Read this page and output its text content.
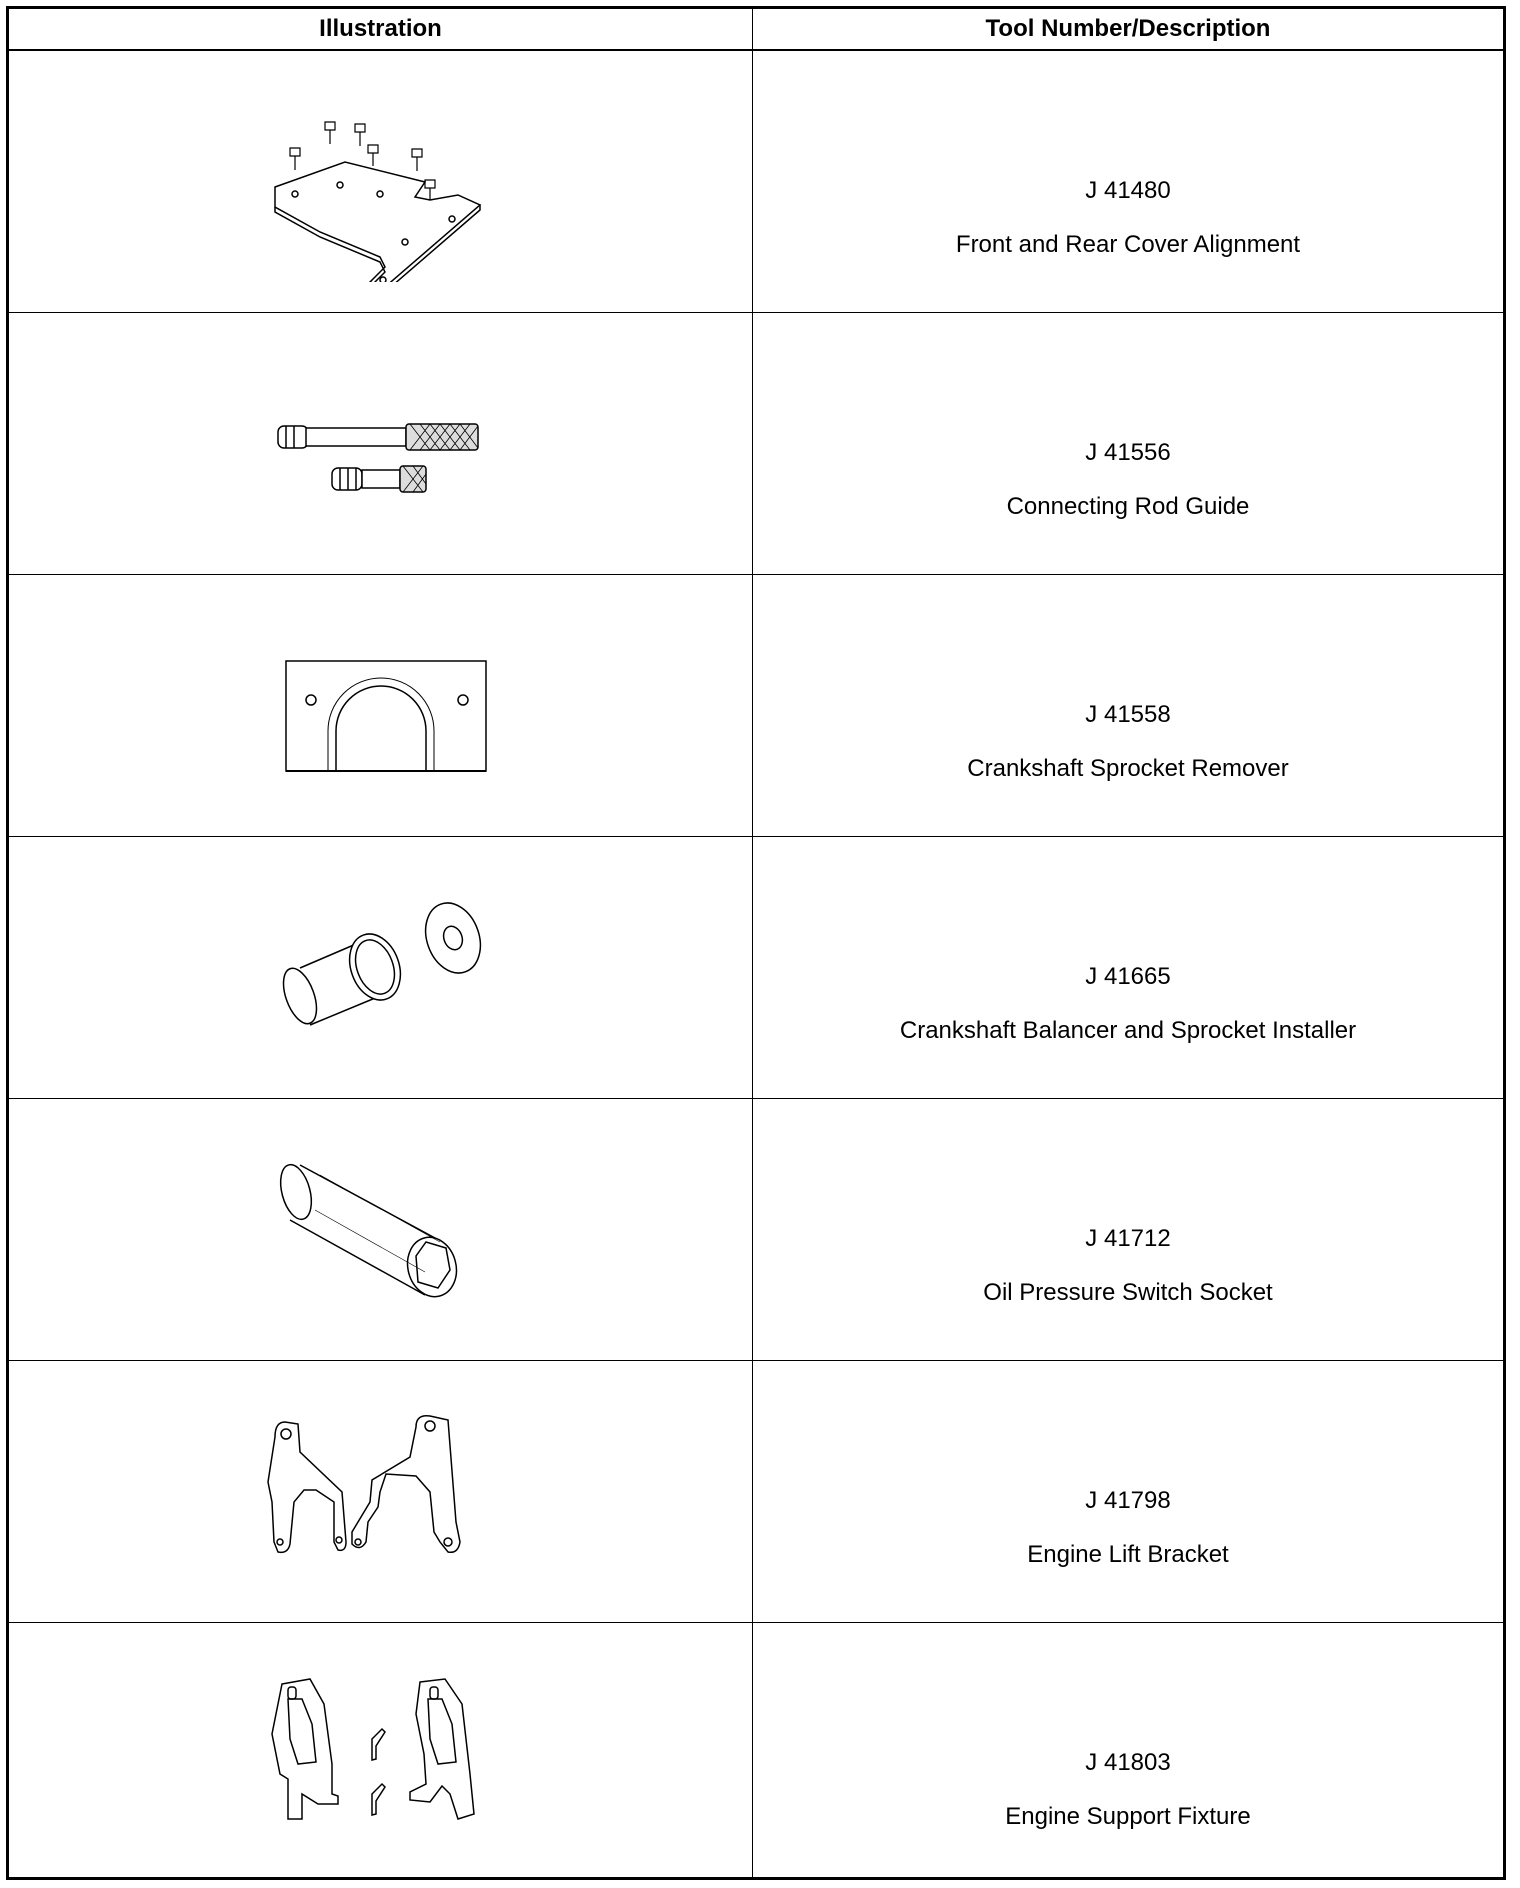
Illustration	Tool Number/Description
J 41480
Front and Rear Cover Alignment
J 41556
Connecting Rod Guide
J 41558
Crankshaft Sprocket Remover
J 41665
Crankshaft Balancer and Sprocket Installer
J 41712
Oil Pressure Switch Socket
J 41798
Engine Lift Bracket
J 41803
Engine Support Fixture
